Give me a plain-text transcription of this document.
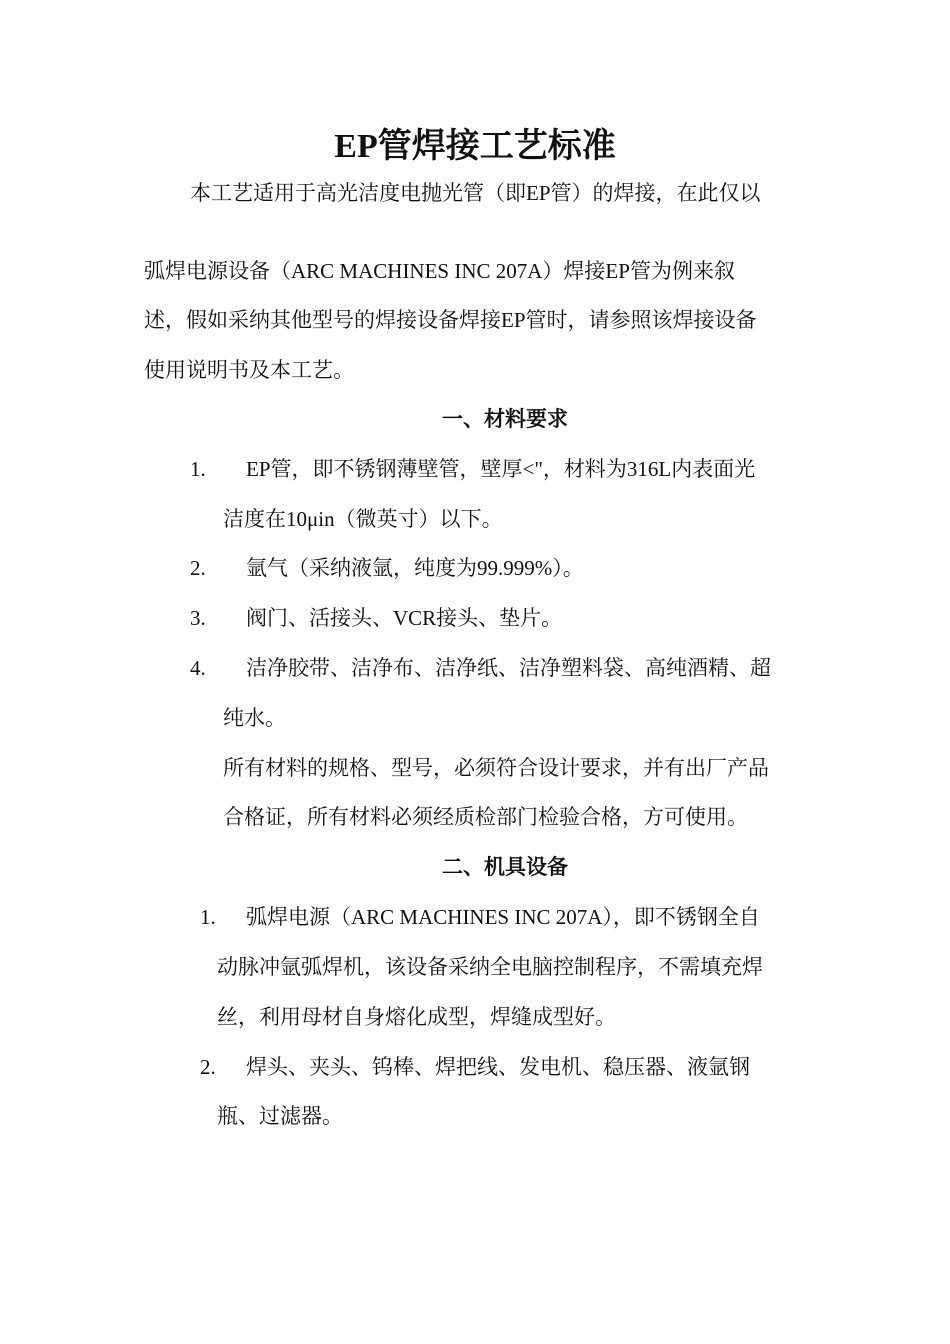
EP管焊接工艺标准
本工艺适用于高光洁度电抛光管（即EP管）的焊接，在此仅以
弧焊电源设备（ARC MACHINES INC 207A）焊接EP管为例来叙
述，假如采纳其他型号的焊接设备焊接EP管时，请参照该焊接设备
使用说明书及本工艺。
一、材料要求
1. EP管，即不锈钢薄壁管，壁厚<"，材料为316L内表面光
洁度在10μin（微英寸）以下。
2. 氩气（采纳液氩，纯度为99.999%）。
3. 阀门、活接头、VCR接头、垫片。
4. 洁净胶带、洁净布、洁净纸、洁净塑料袋、高纯酒精、超
纯水。
所有材料的规格、型号，必须符合设计要求，并有出厂产品
合格证，所有材料必须经质检部门检验合格，方可使用。
二、机具设备
1. 弧焊电源（ARC MACHINES INC 207A），即不锈钢全自
动脉冲氩弧焊机，该设备采纳全电脑控制程序，不需填充焊
丝，利用母材自身熔化成型，焊缝成型好。
2. 焊头、夹头、钨棒、焊把线、发电机、稳压器、液氩钢
瓶、过滤器。
